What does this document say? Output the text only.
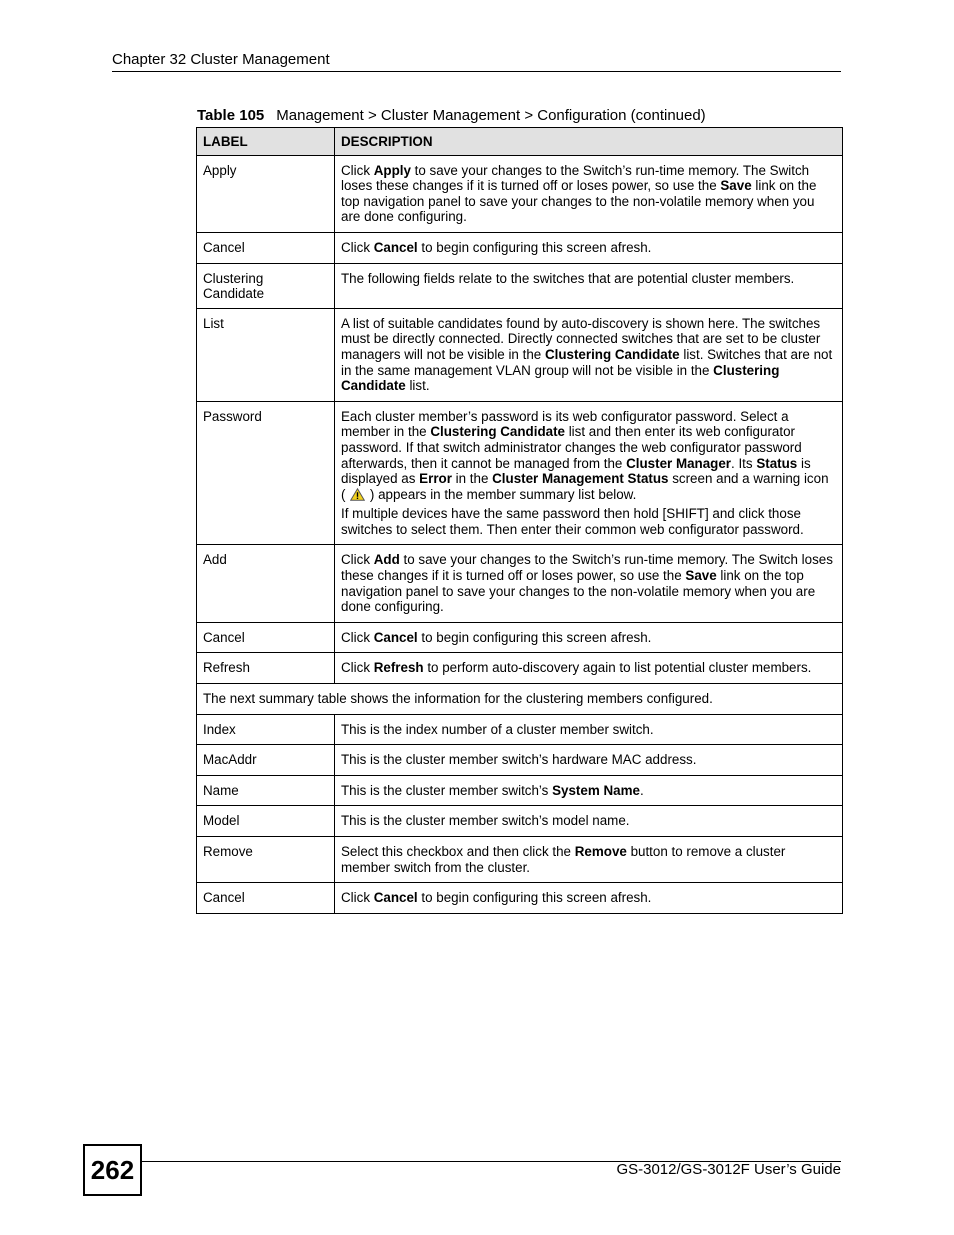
Chapter 32 Cluster Management
Table 105 Management > Cluster Management > Configuration (continued)
LABEL	DESCRIPTION
Apply	Click Apply to save your changes to the Switch’s run-time memory. The Switch loses these changes if it is turned off or loses power, so use the Save link on the top navigation panel to save your changes to the non-volatile memory when you are done configuring.
Cancel	Click Cancel to begin configuring this screen afresh.
Clustering Candidate	The following fields relate to the switches that are potential cluster members.
List	A list of suitable candidates found by auto-discovery is shown here. The switches must be directly connected. Directly connected switches that are set to be cluster managers will not be visible in the Clustering Candidate list. Switches that are not in the same management VLAN group will not be visible in the Clustering Candidate list.
Password	Each cluster member’s password is its web configurator password. Select a member in the Clustering Candidate list and then enter its web configurator password. If that switch administrator changes the web configurator password afterwards, then it cannot be managed from the Cluster Manager. Its Status is displayed as Error in the Cluster Management Status screen and a warning icon (  ) appears in the member summary list below.

If multiple devices have the same password then hold [SHIFT] and click those switches to select them. Then enter their common web configurator password.

Add	Click Add to save your changes to the Switch’s run-time memory. The Switch loses these changes if it is turned off or loses power, so use the Save link on the top navigation panel to save your changes to the non-volatile memory when you are done configuring.
Cancel	Click Cancel to begin configuring this screen afresh.
Refresh	Click Refresh to perform auto-discovery again to list potential cluster members.
The next summary table shows the information for the clustering members configured.	
Index	This is the index number of a cluster member switch.
MacAddr	This is the cluster member switch’s hardware MAC address.
Name	This is the cluster member switch’s System Name.
Model	This is the cluster member switch’s model name.
Remove	Select this checkbox and then click the Remove button to remove a cluster member switch from the cluster.
Cancel	Click Cancel to begin configuring this screen afresh.
262	GS-3012/GS-3012F User’s Guide
